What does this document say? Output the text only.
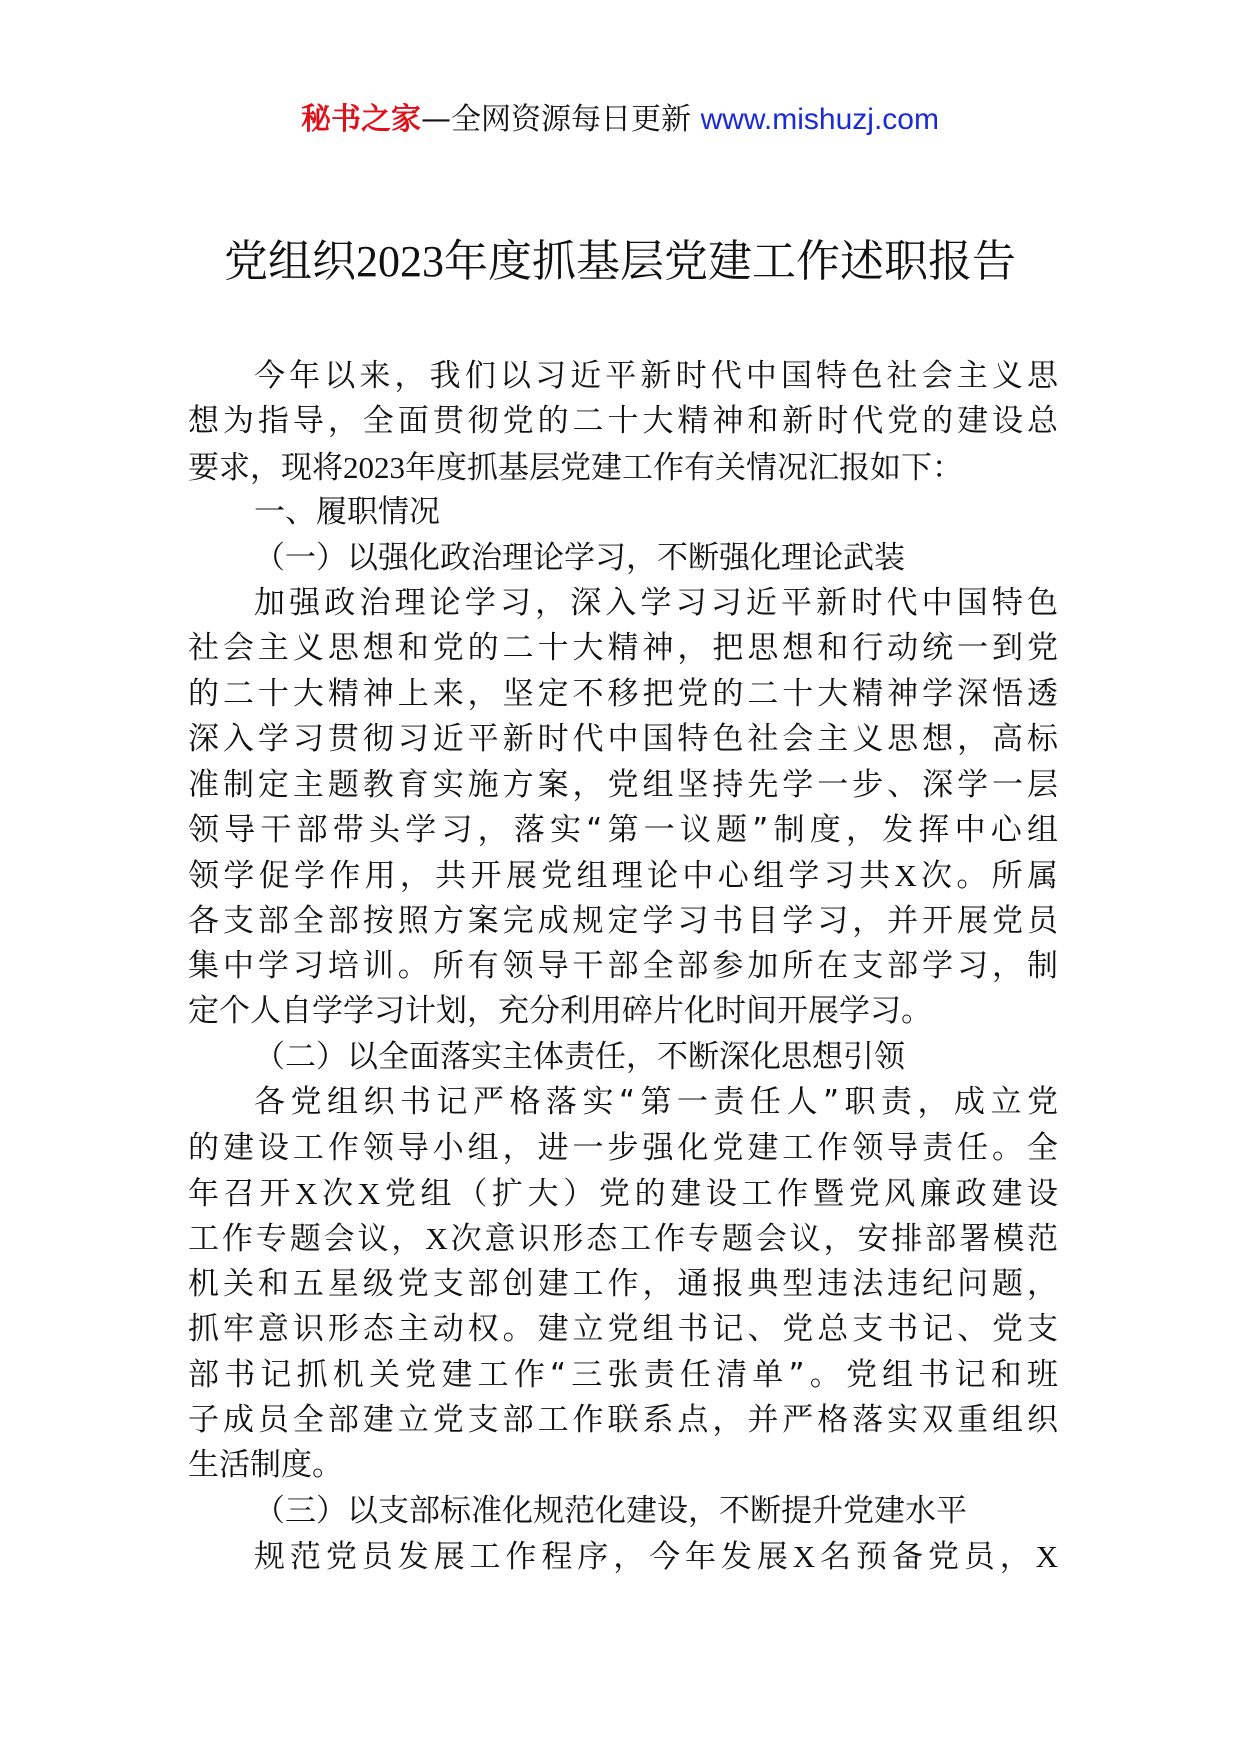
秘书之家—全网资源每日更新 www.mishuzj.com
党组织2023年度抓基层党建工作述职报告
今年以来，我们以习近平新时代中国特色社会主义思
想为指导，全面贯彻党的二十大精神和新时代党的建设总
要求，现将2023年度抓基层党建工作有关情况汇报如下：
一、履职情况
（一）以强化政治理论学习，不断强化理论武装
加强政治理论学习，深入学习习近平新时代中国特色
社会主义思想和党的二十大精神，把思想和行动统一到党
的二十大精神上来，坚定不移把党的二十大精神学深悟透
深入学习贯彻习近平新时代中国特色社会主义思想，高标
准制定主题教育实施方案，党组坚持先学一步、深学一层
领导干部带头学习，落实“第一议题”制度，发挥中心组
领学促学作用，共开展党组理论中心组学习共X次。所属
各支部全部按照方案完成规定学习书目学习，并开展党员
集中学习培训。所有领导干部全部参加所在支部学习，制
定个人自学学习计划，充分利用碎片化时间开展学习。
（二）以全面落实主体责任，不断深化思想引领
各党组织书记严格落实“第一责任人”职责，成立党
的建设工作领导小组，进一步强化党建工作领导责任。全
年召开X次X党组（扩大）党的建设工作暨党风廉政建设
工作专题会议，X次意识形态工作专题会议，安排部署模范
机关和五星级党支部创建工作，通报典型违法违纪问题，
抓牢意识形态主动权。建立党组书记、党总支书记、党支
部书记抓机关党建工作“三张责任清单”。党组书记和班
子成员全部建立党支部工作联系点，并严格落实双重组织
生活制度。
（三）以支部标准化规范化建设，不断提升党建水平
规范党员发展工作程序，今年发展X名预备党员，X
